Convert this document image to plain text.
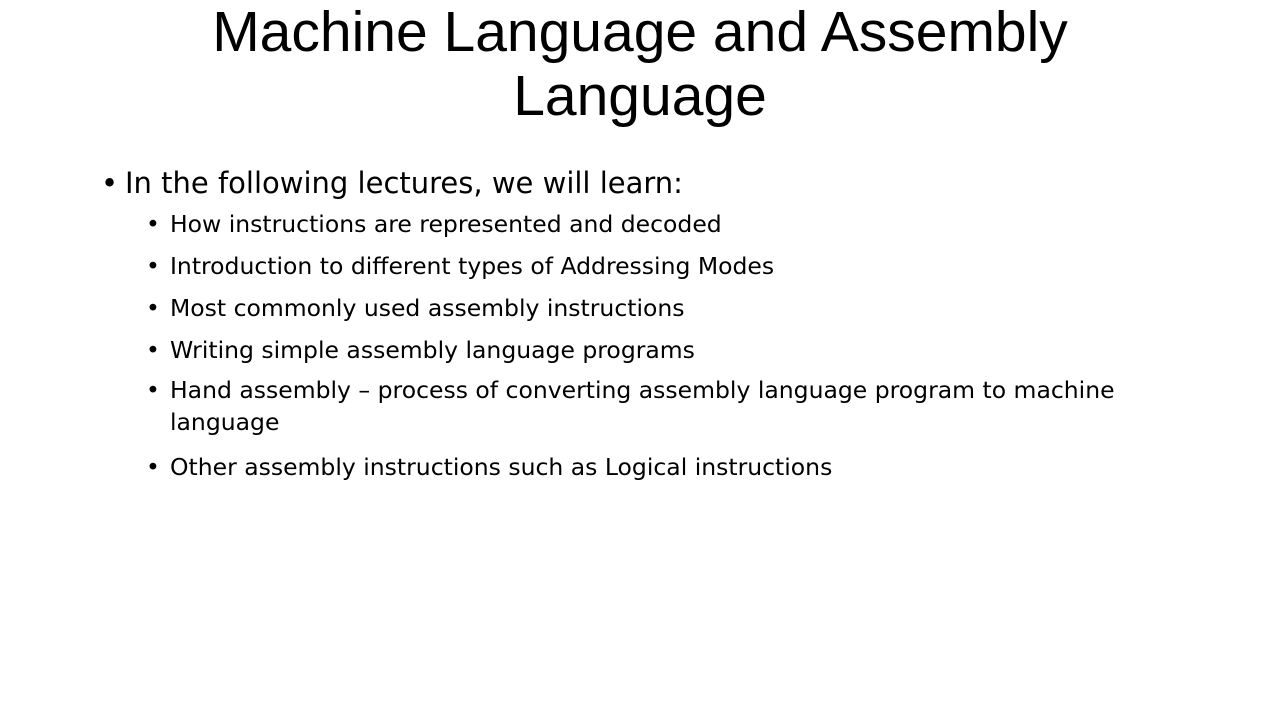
Machine Language and Assembly Language
• In the following lectures, we will learn:
• How instructions are represented and decoded
• Introduction to different types of Addressing Modes
• Most commonly used assembly instructions
• Writing simple assembly language programs
• Hand assembly – process of converting assembly language program to machine language
• Other assembly instructions such as Logical instructions
